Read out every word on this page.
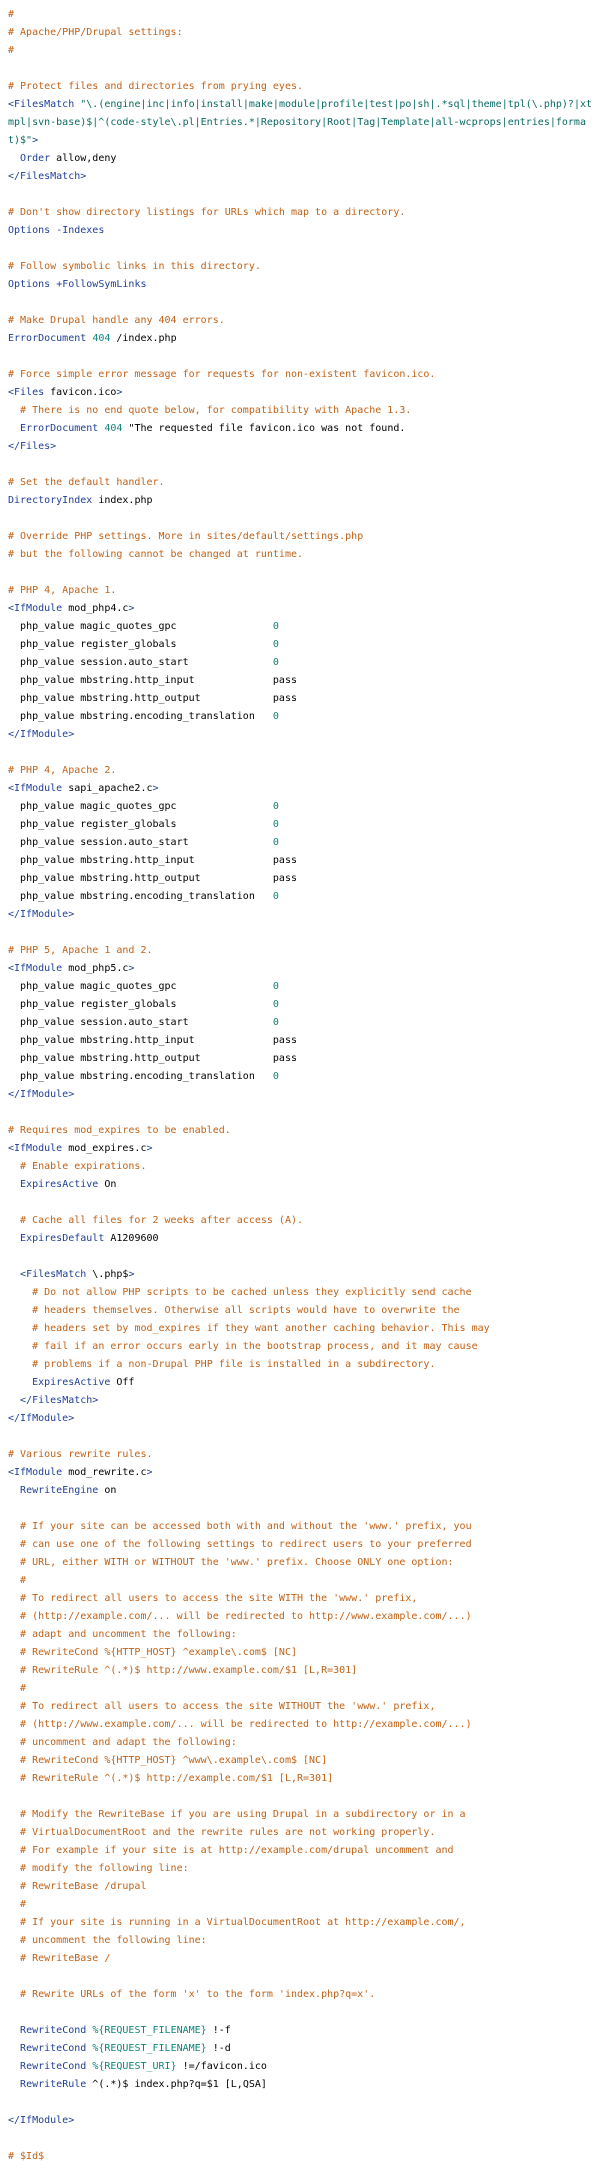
#
# Apache/PHP/Drupal settings:
#
# Protect files and directories from prying eyes.
<FilesMatch "\.(engine|inc|info|install|make|module|profile|test|po|sh|.*sql|theme|tpl(\.php)?|xtmpl|svn-base)$|^(code-style\.pl|Entries.*|Repository|Root|Tag|Template|all-wcprops|entries|format)$">
Order allow,deny
</FilesMatch>
# Don't show directory listings for URLs which map to a directory.
Options -Indexes
# Follow symbolic links in this directory.
Options +FollowSymLinks
# Make Drupal handle any 404 errors.
ErrorDocument 404 /index.php
# Force simple error message for requests for non-existent favicon.ico.
<Files favicon.ico>
# There is no end quote below, for compatibility with Apache 1.3.
ErrorDocument 404 "The requested file favicon.ico was not found.
</Files>
# Set the default handler.
DirectoryIndex index.php
# Override PHP settings. More in sites/default/settings.php
# but the following cannot be changed at runtime.
# PHP 4, Apache 1.
<IfModule mod_php4.c>
php_value magic_quotes_gpc                0
php_value register_globals                0
php_value session.auto_start              0
php_value mbstring.http_input             pass
php_value mbstring.http_output            pass
php_value mbstring.encoding_translation   0
</IfModule>
# PHP 4, Apache 2.
<IfModule sapi_apache2.c>
php_value magic_quotes_gpc                0
php_value register_globals                0
php_value session.auto_start              0
php_value mbstring.http_input             pass
php_value mbstring.http_output            pass
php_value mbstring.encoding_translation   0
</IfModule>
# PHP 5, Apache 1 and 2.
<IfModule mod_php5.c>
php_value magic_quotes_gpc                0
php_value register_globals                0
php_value session.auto_start              0
php_value mbstring.http_input             pass
php_value mbstring.http_output            pass
php_value mbstring.encoding_translation   0
</IfModule>
# Requires mod_expires to be enabled.
<IfModule mod_expires.c>
# Enable expirations.
ExpiresActive On
# Cache all files for 2 weeks after access (A).
ExpiresDefault A1209600
<FilesMatch \.php$>
# Do not allow PHP scripts to be cached unless they explicitly send cache
# headers themselves. Otherwise all scripts would have to overwrite the
# headers set by mod_expires if they want another caching behavior. This may
# fail if an error occurs early in the bootstrap process, and it may cause
# problems if a non-Drupal PHP file is installed in a subdirectory.
ExpiresActive Off
</FilesMatch>
</IfModule>
# Various rewrite rules.
<IfModule mod_rewrite.c>
RewriteEngine on
# If your site can be accessed both with and without the 'www.' prefix, you
# can use one of the following settings to redirect users to your preferred
# URL, either WITH or WITHOUT the 'www.' prefix. Choose ONLY one option:
#
# To redirect all users to access the site WITH the 'www.' prefix,
# (http://example.com/... will be redirected to http://www.example.com/...)
# adapt and uncomment the following:
# RewriteCond %{HTTP_HOST} ^example\.com$ [NC]
# RewriteRule ^(.*)$ http://www.example.com/$1 [L,R=301]
#
# To redirect all users to access the site WITHOUT the 'www.' prefix,
# (http://www.example.com/... will be redirected to http://example.com/...)
# uncomment and adapt the following:
# RewriteCond %{HTTP_HOST} ^www\.example\.com$ [NC]
# RewriteRule ^(.*)$ http://example.com/$1 [L,R=301]
# Modify the RewriteBase if you are using Drupal in a subdirectory or in a
# VirtualDocumentRoot and the rewrite rules are not working properly.
# For example if your site is at http://example.com/drupal uncomment and
# modify the following line:
# RewriteBase /drupal
#
# If your site is running in a VirtualDocumentRoot at http://example.com/,
# uncomment the following line:
# RewriteBase /
# Rewrite URLs of the form 'x' to the form 'index.php?q=x'.
RewriteCond %{REQUEST_FILENAME} !-f
RewriteCond %{REQUEST_FILENAME} !-d
RewriteCond %{REQUEST_URI} !=/favicon.ico
RewriteRule ^(.*)$ index.php?q=$1 [L,QSA]
</IfModule>
# $Id$
